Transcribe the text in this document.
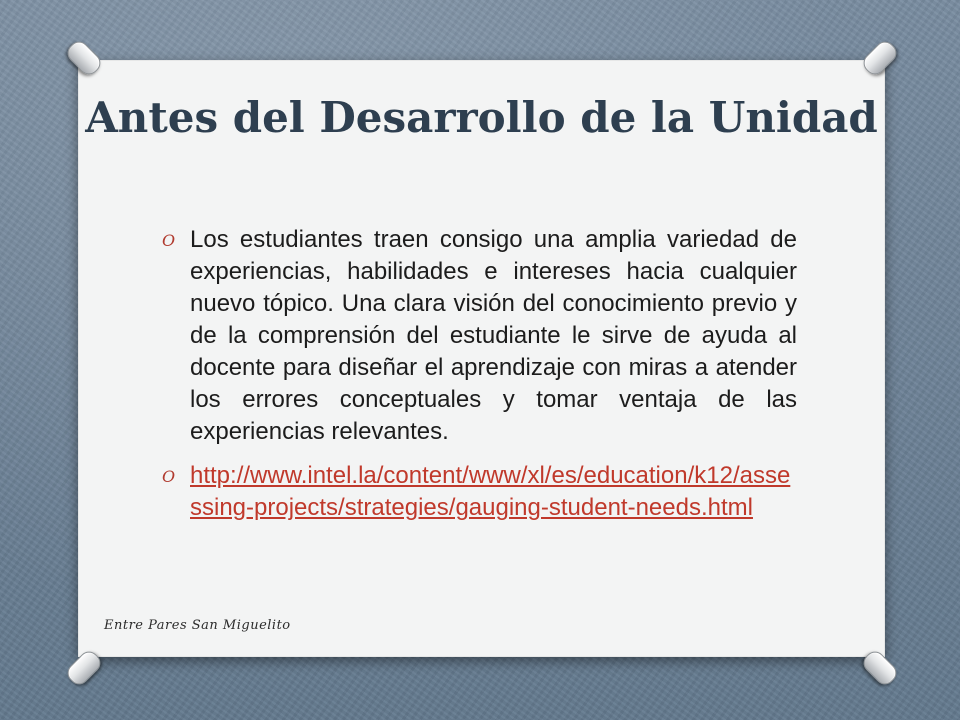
Antes del Desarrollo de la Unidad
O Los estudiantes traen consigo una amplia variedad de experiencias, habilidades e intereses hacia cualquier nuevo tópico. Una clara visión del conocimiento previo y de la comprensión del estudiante le sirve de ayuda al docente para diseñar el aprendizaje con miras a atender los errores conceptuales y tomar ventaja de las experiencias relevantes.
O http://www.intel.la/content/www/xl/es/education/k12/assessing-projects/strategies/gauging-student-needs.html
Entre Pares San Miguelito
